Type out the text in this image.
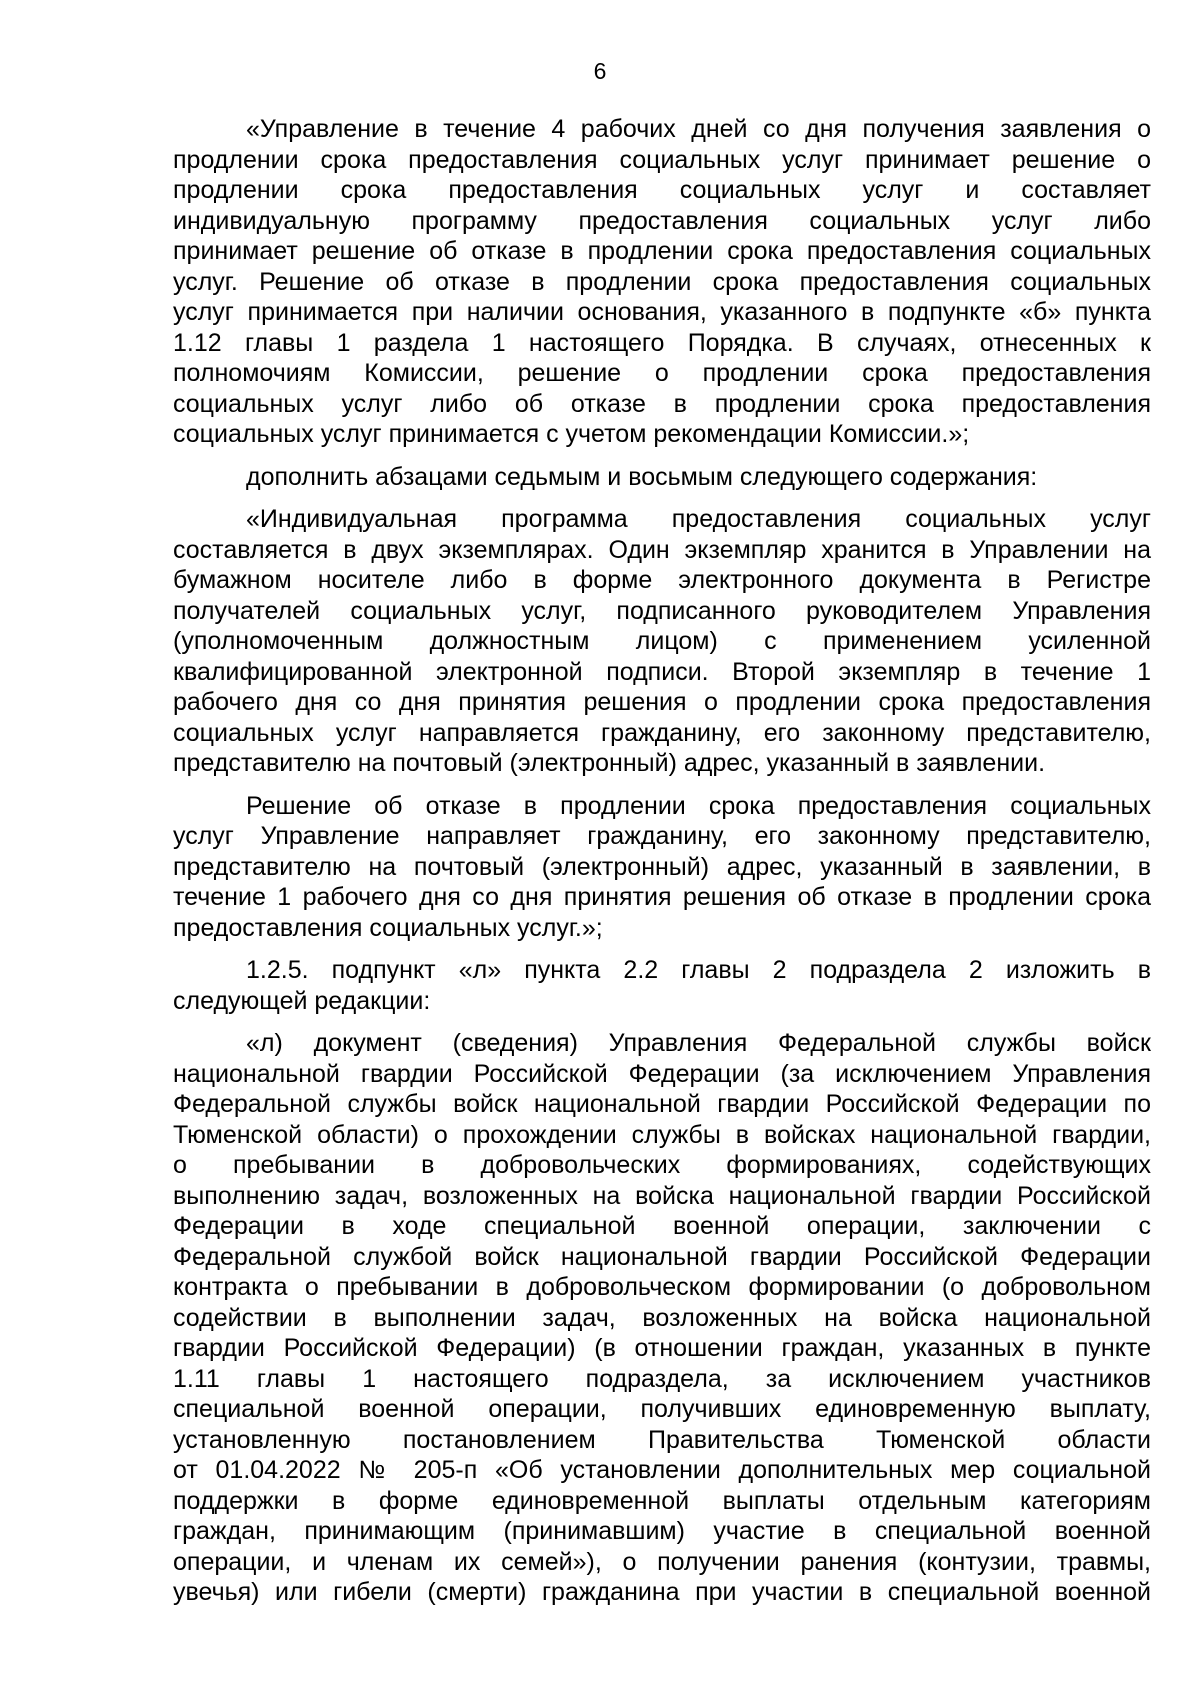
6
«Управление в течение 4 рабочих дней со дня получения заявления о
продлении срока предоставления социальных услуг принимает решение о
продлении срока предоставления социальных услуг и составляет
индивидуальную программу предоставления социальных услуг либо
принимает решение об отказе в продлении срока предоставления социальных
услуг. Решение об отказе в продлении срока предоставления социальных
услуг принимается при наличии основания, указанного в подпункте «б» пункта
1.12 главы 1 раздела 1 настоящего Порядка. В случаях, отнесенных к
полномочиям Комиссии, решение о продлении срока предоставления
социальных услуг либо об отказе в продлении срока предоставления
социальных услуг принимается с учетом рекомендации Комиссии.»;
дополнить абзацами седьмым и восьмым следующего содержания:
«Индивидуальная программа предоставления социальных услуг
составляется в двух экземплярах. Один экземпляр хранится в Управлении на
бумажном носителе либо в форме электронного документа в Регистре
получателей социальных услуг, подписанного руководителем Управления
(уполномоченным должностным лицом) с применением усиленной
квалифицированной электронной подписи. Второй экземпляр в течение 1
рабочего дня со дня принятия решения о продлении срока предоставления
социальных услуг направляется гражданину, его законному представителю,
представителю на почтовый (электронный) адрес, указанный в заявлении.
Решение об отказе в продлении срока предоставления социальных
услуг Управление направляет гражданину, его законному представителю,
представителю на почтовый (электронный) адрес, указанный в заявлении, в
течение 1 рабочего дня со дня принятия решения об отказе в продлении срока
предоставления социальных услуг.»;
1.2.5. подпункт «л» пункта 2.2 главы 2 подраздела 2 изложить в
следующей редакции:
«л) документ (сведения) Управления Федеральной службы войск
национальной гвардии Российской Федерации (за исключением Управления
Федеральной службы войск национальной гвардии Российской Федерации по
Тюменской области) о прохождении службы в войсках национальной гвардии,
о пребывании в добровольческих формированиях, содействующих
выполнению задач, возложенных на войска национальной гвардии Российской
Федерации в ходе специальной военной операции, заключении с
Федеральной службой войск национальной гвардии Российской Федерации
контракта о пребывании в добровольческом формировании (о добровольном
содействии в выполнении задач, возложенных на войска национальной
гвардии Российской Федерации) (в отношении граждан, указанных в пункте
1.11 главы 1 настоящего подраздела, за исключением участников
специальной военной операции, получивших единовременную выплату,
установленную постановлением Правительства Тюменской области
от 01.04.2022 № 205-п «Об установлении дополнительных мер социальной
поддержки в форме единовременной выплаты отдельным категориям
граждан, принимающим (принимавшим) участие в специальной военной
операции, и членам их семей»), о получении ранения (контузии, травмы,
увечья) или гибели (смерти) гражданина при участии в специальной военной
